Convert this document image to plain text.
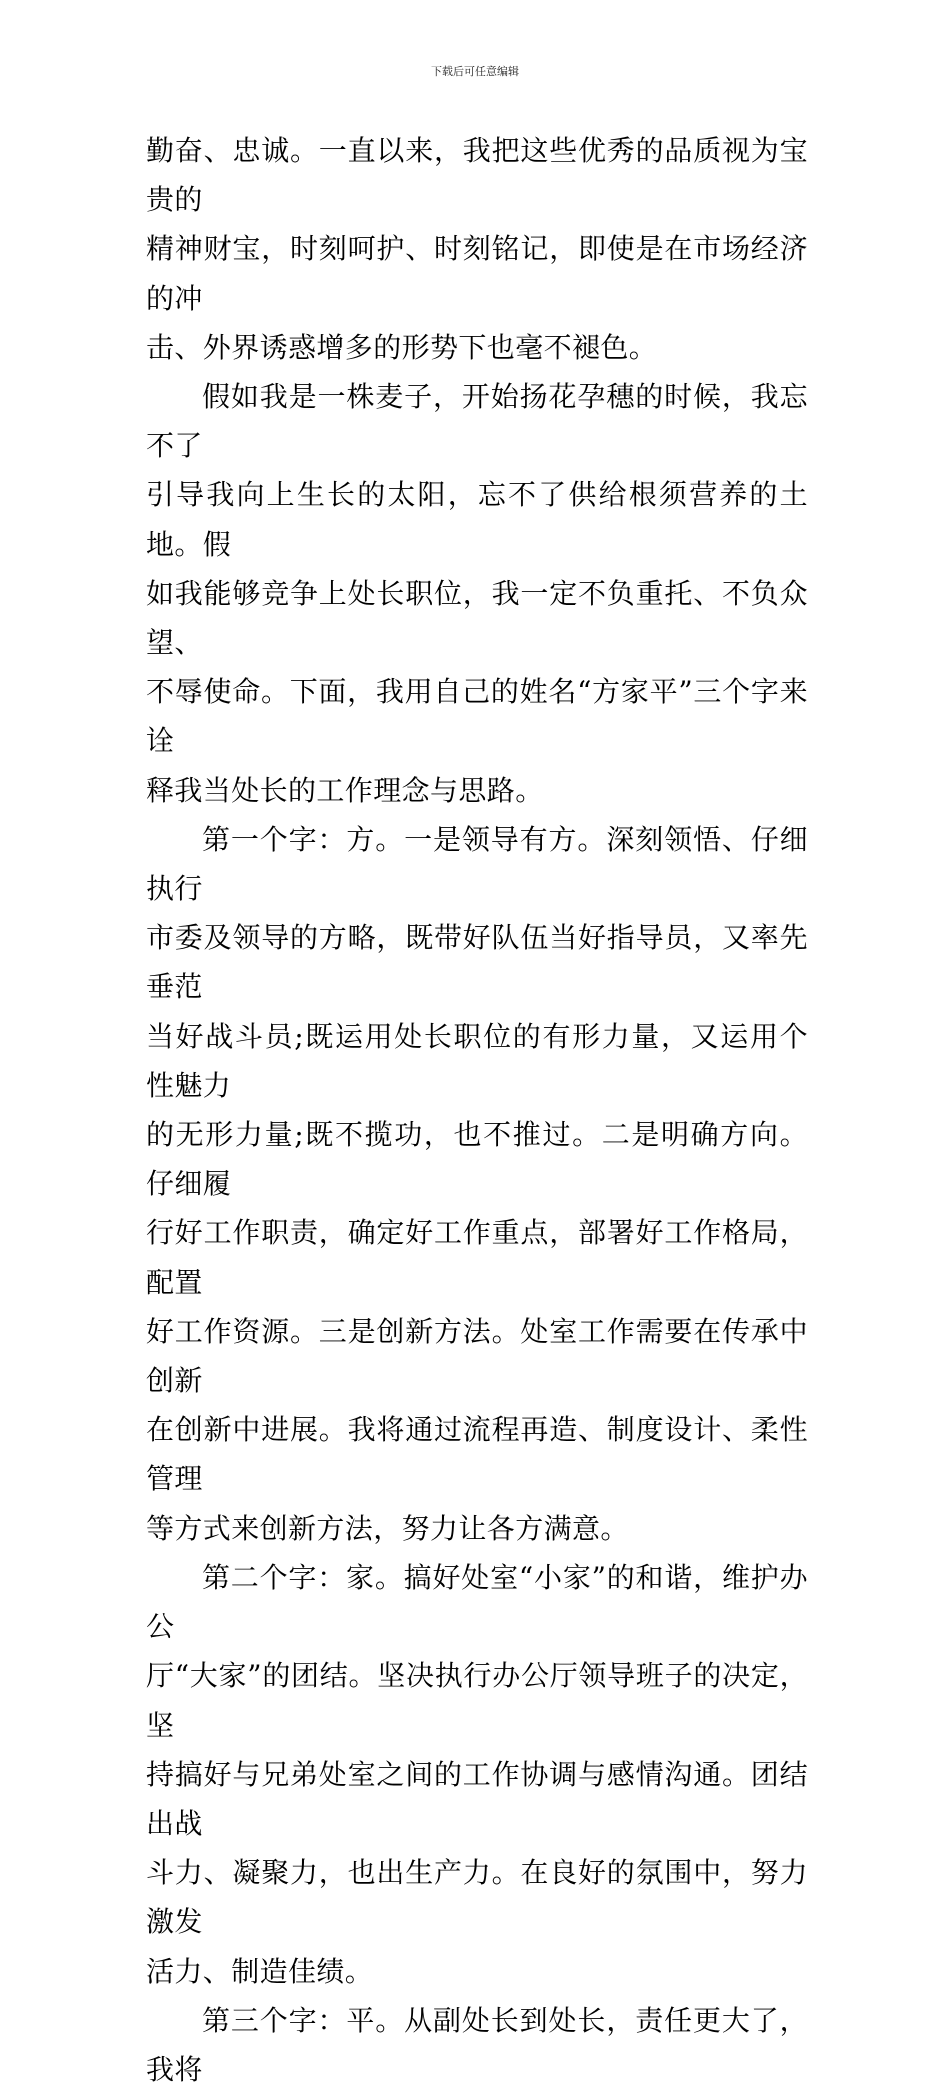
下载后可任意编辑

勤奋、忠诚。一直以来，我把这些优秀的品质视为宝贵的
精神财宝，时刻呵护、时刻铭记，即使是在市场经济的冲
击、外界诱惑增多的形势下也毫不褪色。

假如我是一株麦子，开始扬花孕穗的时候，我忘不了
引导我向上生长的太阳，忘不了供给根须营养的土地。假
如我能够竞争上处长职位，我一定不负重托、不负众望、
不辱使命。下面，我用自己的姓名“方家平”三个字来诠
释我当处长的工作理念与思路。

第一个字：方。一是领导有方。深刻领悟、仔细执行
市委及领导的方略，既带好队伍当好指导员，又率先垂范
当好战斗员;既运用处长职位的有形力量，又运用个性魅力
的无形力量;既不揽功，也不推过。二是明确方向。仔细履
行好工作职责，确定好工作重点，部署好工作格局，配置
好工作资源。三是创新方法。处室工作需要在传承中创新
在创新中进展。我将通过流程再造、制度设计、柔性管理
等方式来创新方法，努力让各方满意。

第二个字：家。搞好处室“小家”的和谐，维护办公
厅“大家”的团结。坚决执行办公厅领导班子的决定，坚
持搞好与兄弟处室之间的工作协调与感情沟通。团结出战
斗力、凝聚力，也出生产力。在良好的氛围中，努力激发
活力、制造佳绩。

第三个字：平。从副处长到处长，责任更大了，我将
